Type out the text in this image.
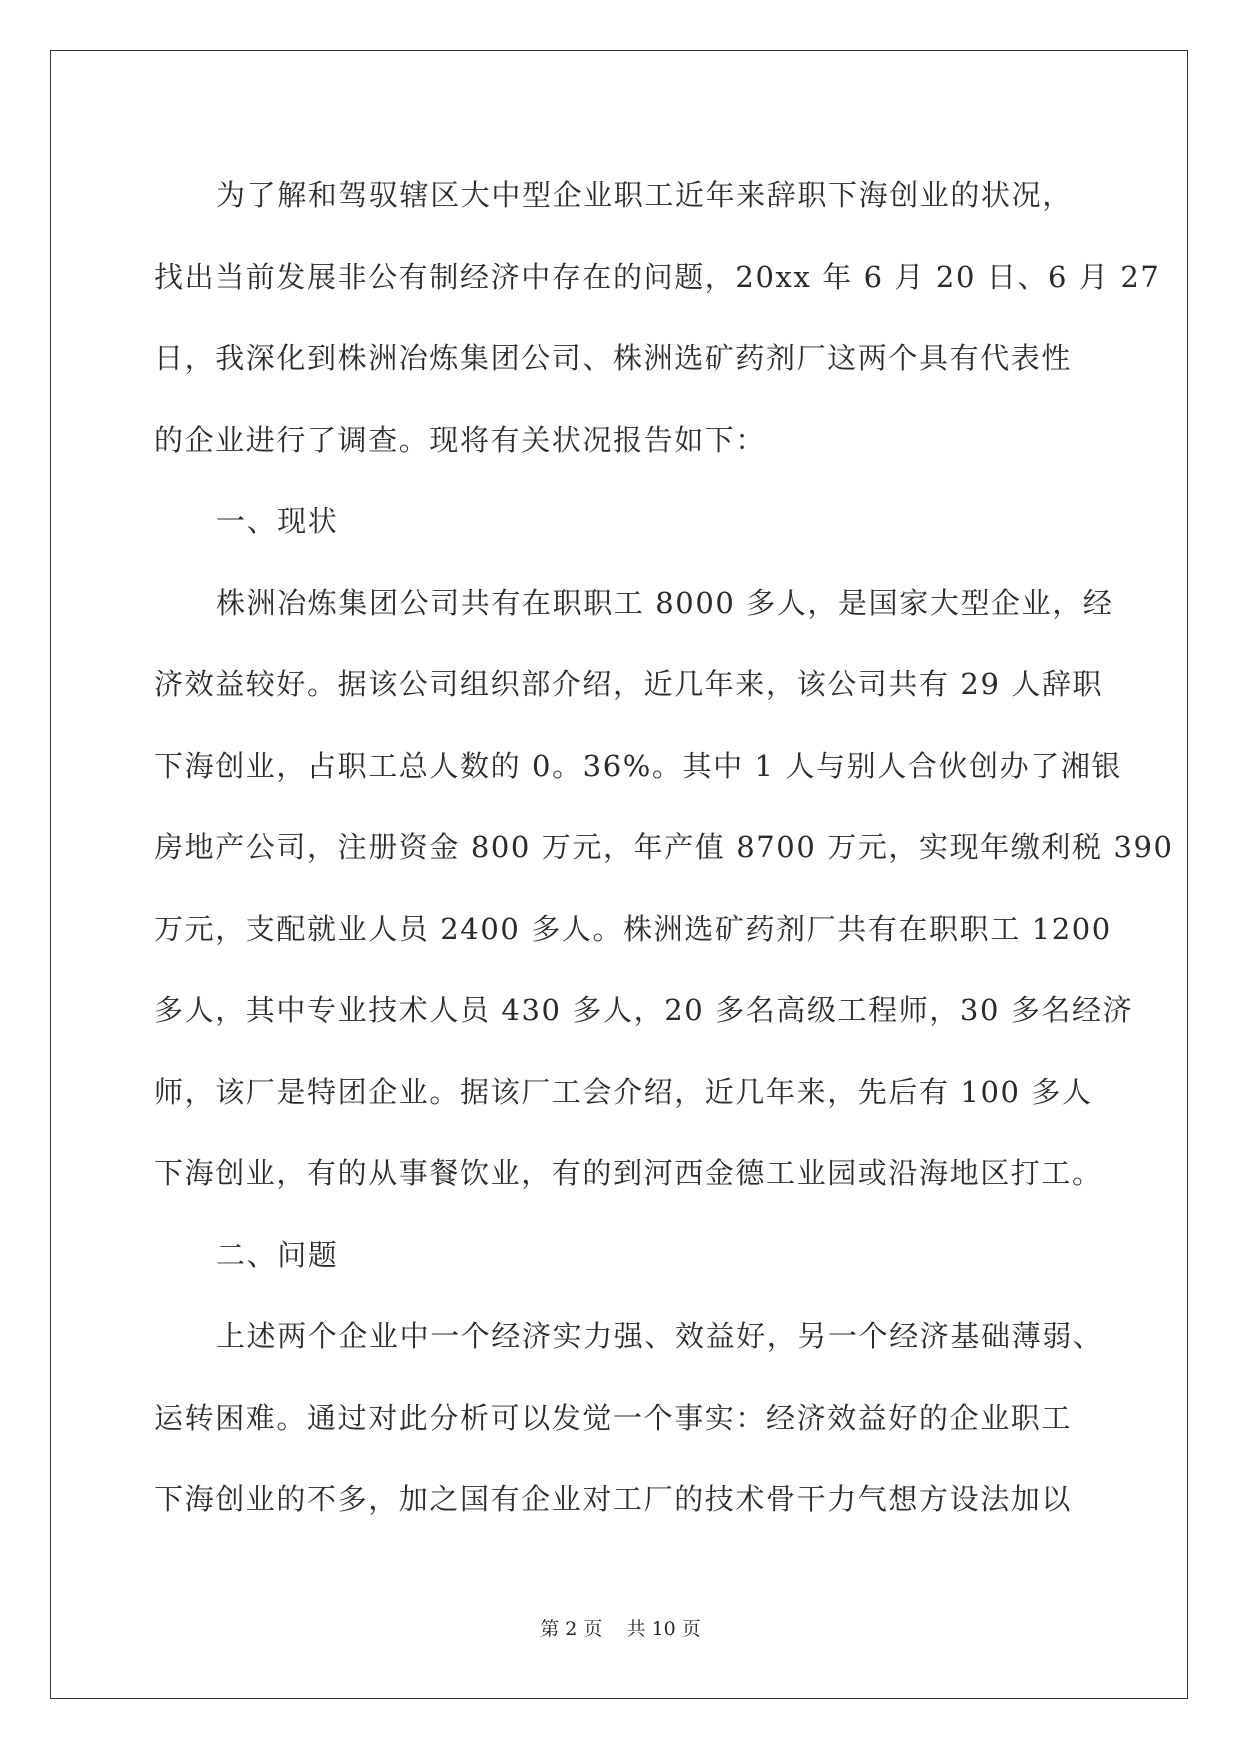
为了解和驾驭辖区大中型企业职工近年来辞职下海创业的状况，
找出当前发展非公有制经济中存在的问题，20xx 年 6 月 20 日、6 月 27
日，我深化到株洲冶炼集团公司、株洲选矿药剂厂这两个具有代表性
的企业进行了调查。现将有关状况报告如下：
一、现状
株洲冶炼集团公司共有在职职工 8000 多人，是国家大型企业，经
济效益较好。据该公司组织部介绍，近几年来，该公司共有 29 人辞职
下海创业，占职工总人数的 0。36%。其中 1 人与别人合伙创办了湘银
房地产公司，注册资金 800 万元，年产值 8700 万元，实现年缴利税 390
万元，支配就业人员 2400 多人。株洲选矿药剂厂共有在职职工 1200
多人，其中专业技术人员 430 多人，20 多名高级工程师，30 多名经济
师，该厂是特团企业。据该厂工会介绍，近几年来，先后有 100 多人
下海创业，有的从事餐饮业，有的到河西金德工业园或沿海地区打工。
二、问题
上述两个企业中一个经济实力强、效益好，另一个经济基础薄弱、
运转困难。通过对此分析可以发觉一个事实：经济效益好的企业职工
下海创业的不多，加之国有企业对工厂的技术骨干力气想方设法加以
第 2 页    共 10 页
